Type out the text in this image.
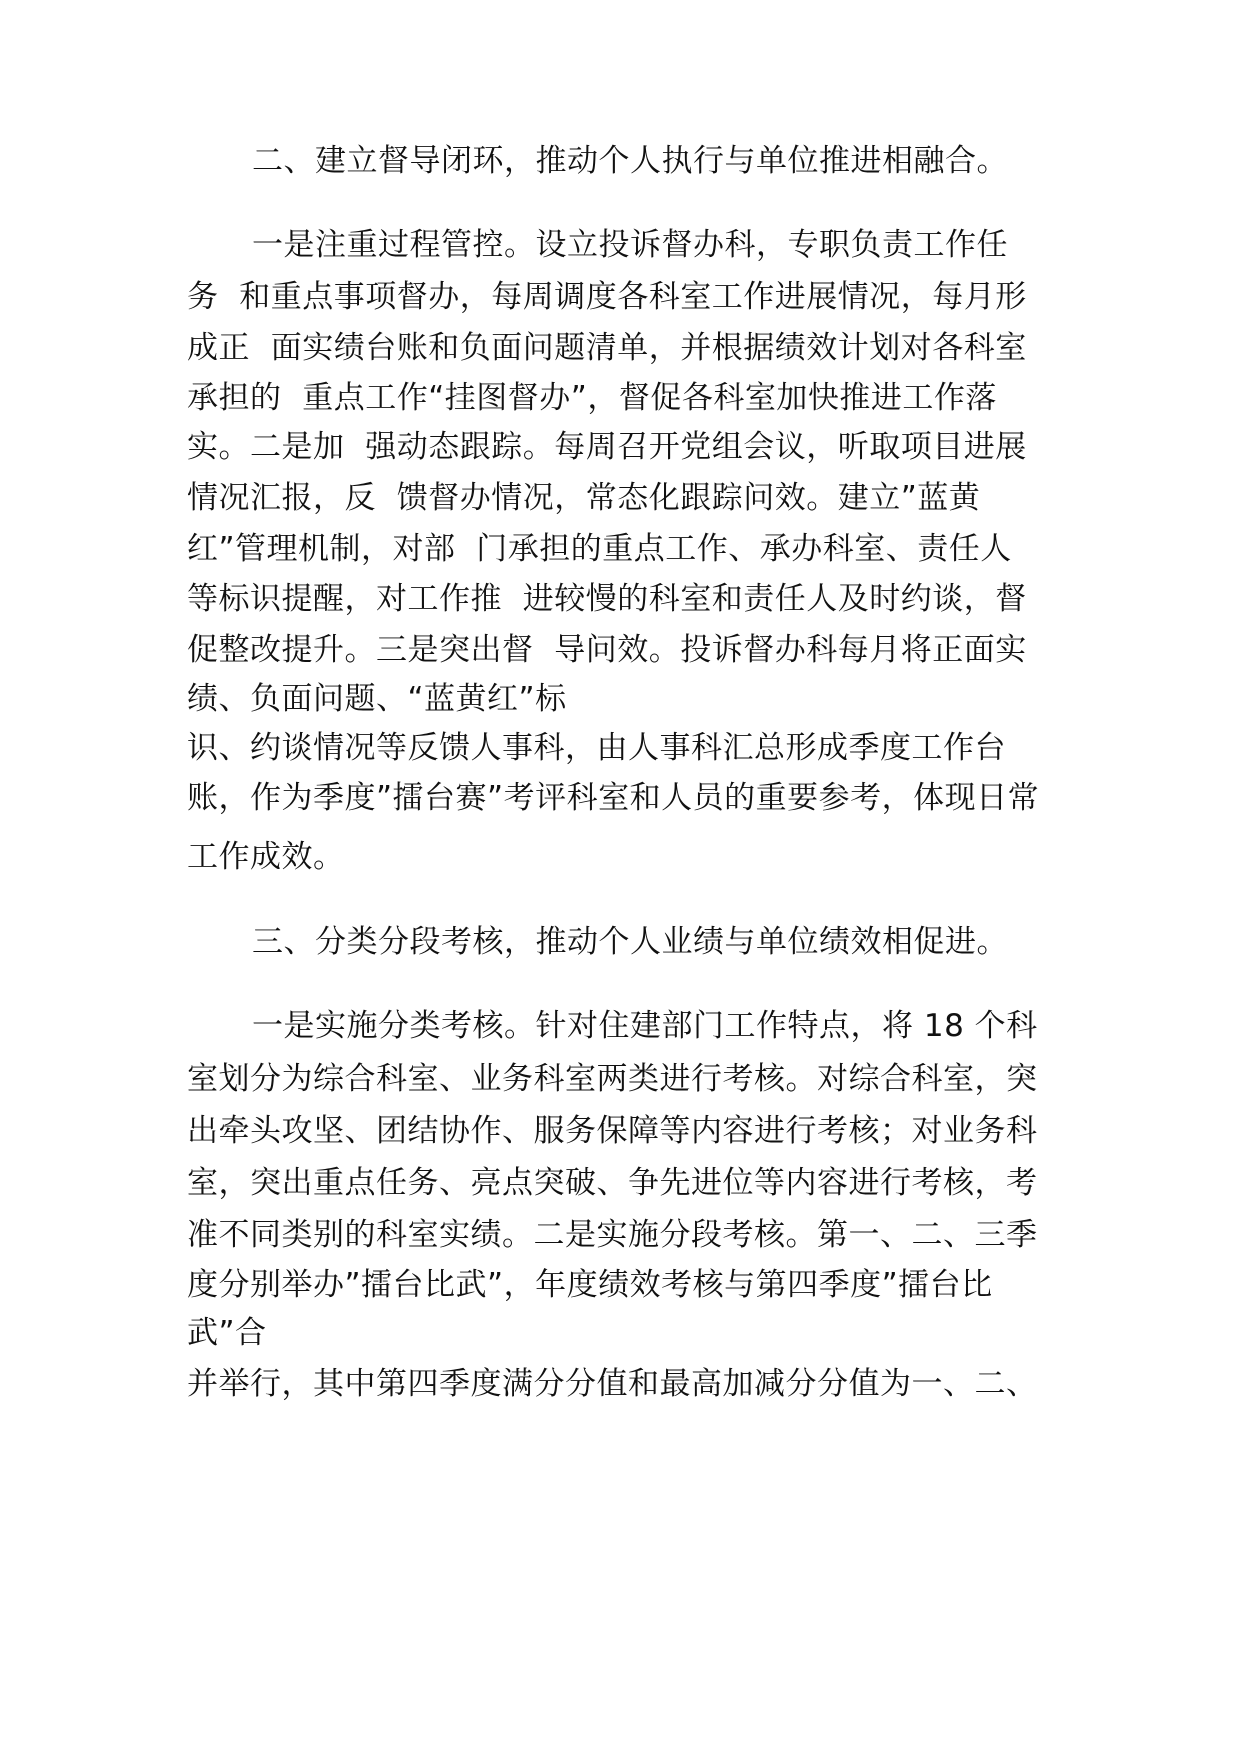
二、建立督导闭环，推动个人执行与单位推进相融合。
一是注重过程管控。设立投诉督办科，专职负责工作任
务  和重点事项督办，每周调度各科室工作进展情况，每月形
成正  面实绩台账和负面问题清单，并根据绩效计划对各科室
承担的  重点工作“挂图督办”，督促各科室加快推进工作落
实。二是加  强动态跟踪。每周召开党组会议，听取项目进展
情况汇报，反  馈督办情况，常态化跟踪问效。建立”蓝黄
红”管理机制，对部  门承担的重点工作、承办科室、责任人
等标识提醒，对工作推  进较慢的科室和责任人及时约谈，督
促整改提升。三是突出督  导问效。投诉督办科每月将正面实
绩、负面问题、“蓝黄红”标
识、约谈情况等反馈人事科，由人事科汇总形成季度工作台
账，作为季度”擂台赛”考评科室和人员的重要参考，体现日常
工作成效。
三、分类分段考核，推动个人业绩与单位绩效相促进。
一是实施分类考核。针对住建部门工作特点，将 18 个科
室划分为综合科室、业务科室两类进行考核。对综合科室，突
出牵头攻坚、团结协作、服务保障等内容进行考核；对业务科
室，突出重点任务、亮点突破、争先进位等内容进行考核，考
准不同类别的科室实绩。二是实施分段考核。第一、二、三季
度分别举办”擂台比武”，年度绩效考核与第四季度”擂台比
武”合
并举行，其中第四季度满分分值和最高加减分分值为一、二、
